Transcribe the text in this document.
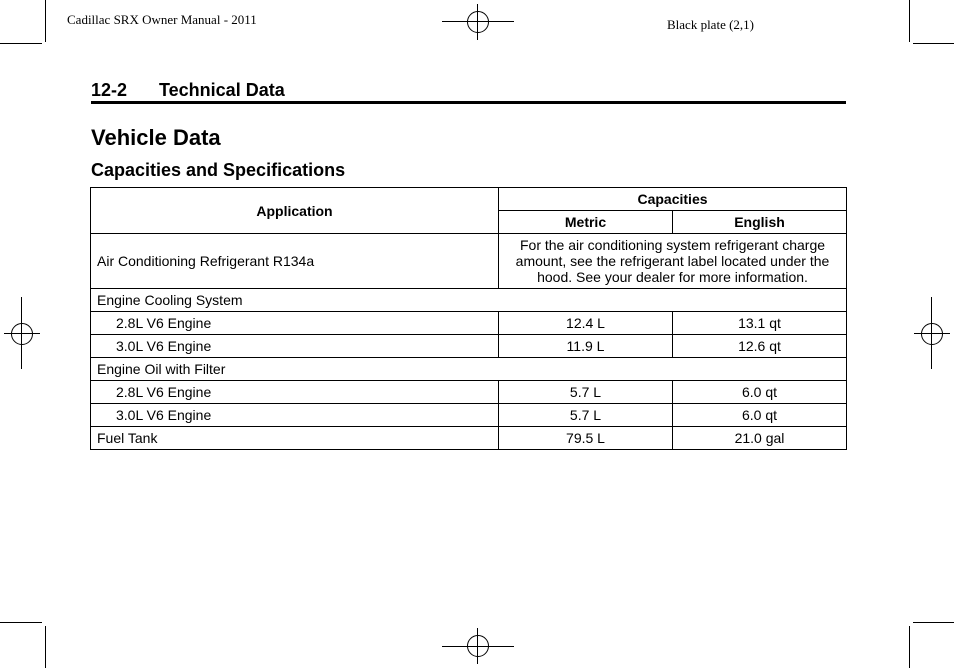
Cadillac SRX Owner Manual - 2011	Black plate (2,1)
12-2 Technical Data
Vehicle Data
Capacities and Specifications
Application	Capacities	
	Metric	English
Air Conditioning Refrigerant R134a	For the air conditioning system refrigerant charge amount, see the refrigerant label located under the hood. See your dealer for more information.	
Engine Cooling System		
2.8L V6 Engine	12.4 L	13.1 qt
3.0L V6 Engine	11.9 L	12.6 qt
Engine Oil with Filter		
2.8L V6 Engine	5.7 L	6.0 qt
3.0L V6 Engine	5.7 L	6.0 qt
Fuel Tank	79.5 L	21.0 gal
